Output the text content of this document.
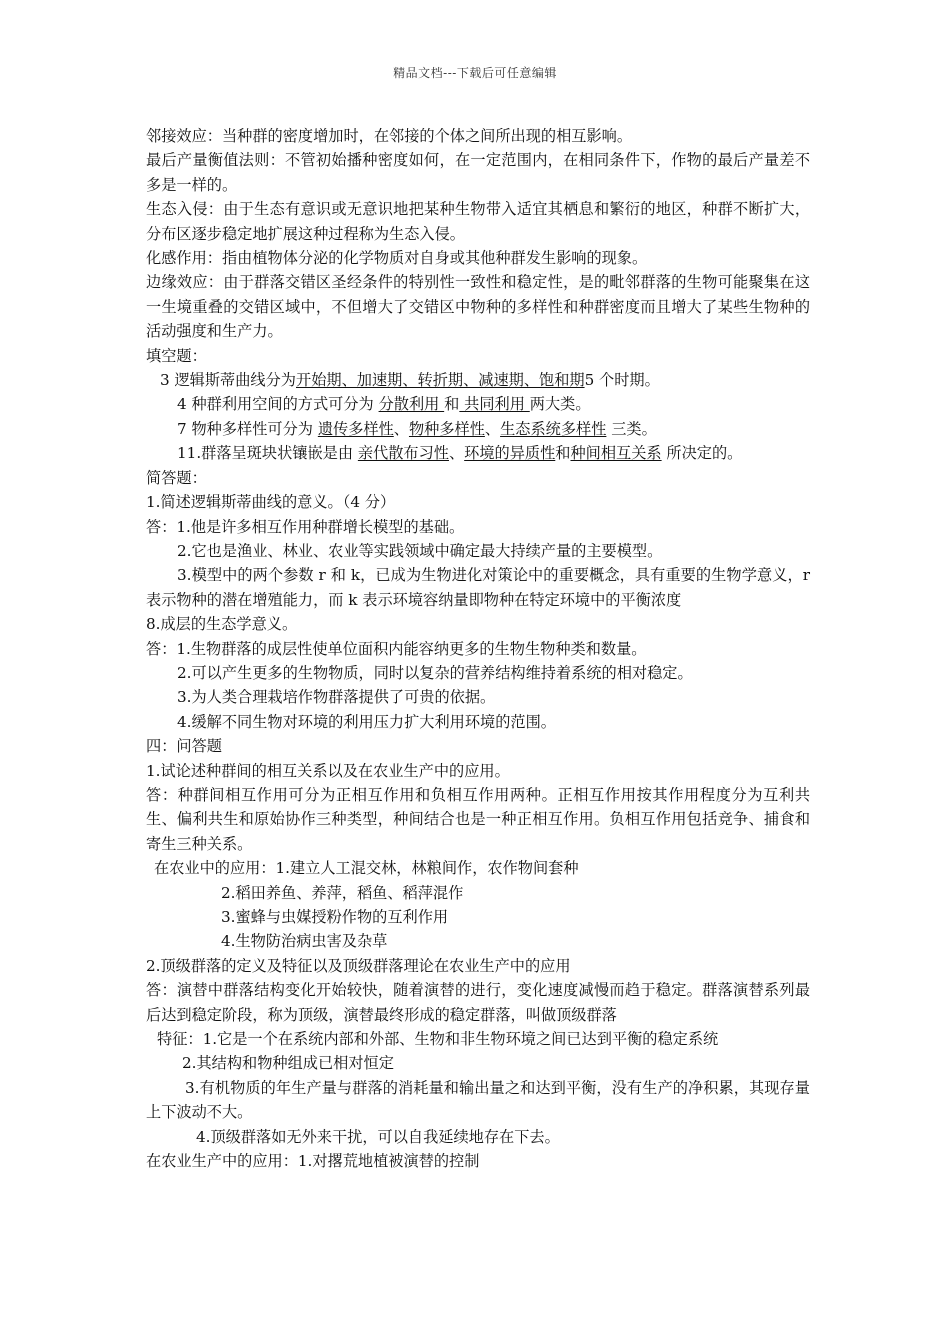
精品文档---下载后可任意编辑

邻接效应：当种群的密度增加时，在邻接的个体之间所出现的相互影响。

最后产量衡值法则：不管初始播种密度如何，在一定范围内，在相同条件下，作物的最后产量差不多是一样的。

生态入侵：由于生态有意识或无意识地把某种生物带入适宜其栖息和繁衍的地区，种群不断扩大，分布区逐步稳定地扩展这种过程称为生态入侵。

化感作用：指由植物体分泌的化学物质对自身或其他种群发生影响的现象。

边缘效应：由于群落交错区圣经条件的特别性一致性和稳定性，是的毗邻群落的生物可能聚集在这一生境重叠的交错区域中，不但增大了交错区中物种的多样性和种群密度而且增大了某些生物种的活动强度和生产力。

填空题：

3 逻辑斯蒂曲线分为开始期、加速期、转折期、减速期、饱和期5 个时期。

4 种群利用空间的方式可分为 分散利用 和 共同利用 两大类。

7 物种多样性可分为 遗传多样性、物种多样性、生态系统多样性 三类。

11.群落呈斑块状镶嵌是由 亲代散布习性、环境的异质性和种间相互关系 所决定的。

简答题：

1.简述逻辑斯蒂曲线的意义。（4 分）

答：1.他是许多相互作用种群增长模型的基础。

2.它也是渔业、林业、农业等实践领域中确定最大持续产量的主要模型。

3.模型中的两个参数 r 和 k，已成为生物进化对策论中的重要概念，具有重要的生物学意义，r 表示物种的潜在增殖能力，而 k 表示环境容纳量即物种在特定环境中的平衡浓度

8.成层的生态学意义。

答：1.生物群落的成层性使单位面积内能容纳更多的生物生物种类和数量。

2.可以产生更多的生物物质，同时以复杂的营养结构维持着系统的相对稳定。

3.为人类合理栽培作物群落提供了可贵的依据。

4.缓解不同生物对环境的利用压力扩大利用环境的范围。

四：问答题

1.试论述种群间的相互关系以及在农业生产中的应用。

答：种群间相互作用可分为正相互作用和负相互作用两种。正相互作用按其作用程度分为互利共生、偏利共生和原始协作三种类型，种间结合也是一种正相互作用。负相互作用包括竞争、捕食和寄生三种关系。

在农业中的应用：1.建立人工混交林，林粮间作，农作物间套种

2.稻田养鱼、养萍，稻鱼、稻萍混作

3.蜜蜂与虫媒授粉作物的互利作用

4.生物防治病虫害及杂草

2.顶级群落的定义及特征以及顶级群落理论在农业生产中的应用

答：演替中群落结构变化开始较快，随着演替的进行，变化速度减慢而趋于稳定。群落演替系列最后达到稳定阶段，称为顶级，演替最终形成的稳定群落，叫做顶级群落

特征：1.它是一个在系统内部和外部、生物和非生物环境之间已达到平衡的稳定系统

2.其结构和物种组成已相对恒定

3.有机物质的年生产量与群落的消耗量和输出量之和达到平衡，没有生产的净积累，其现存量上下波动不大。

4.顶级群落如无外来干扰，可以自我延续地存在下去。

在农业生产中的应用：1.对撂荒地植被演替的控制
